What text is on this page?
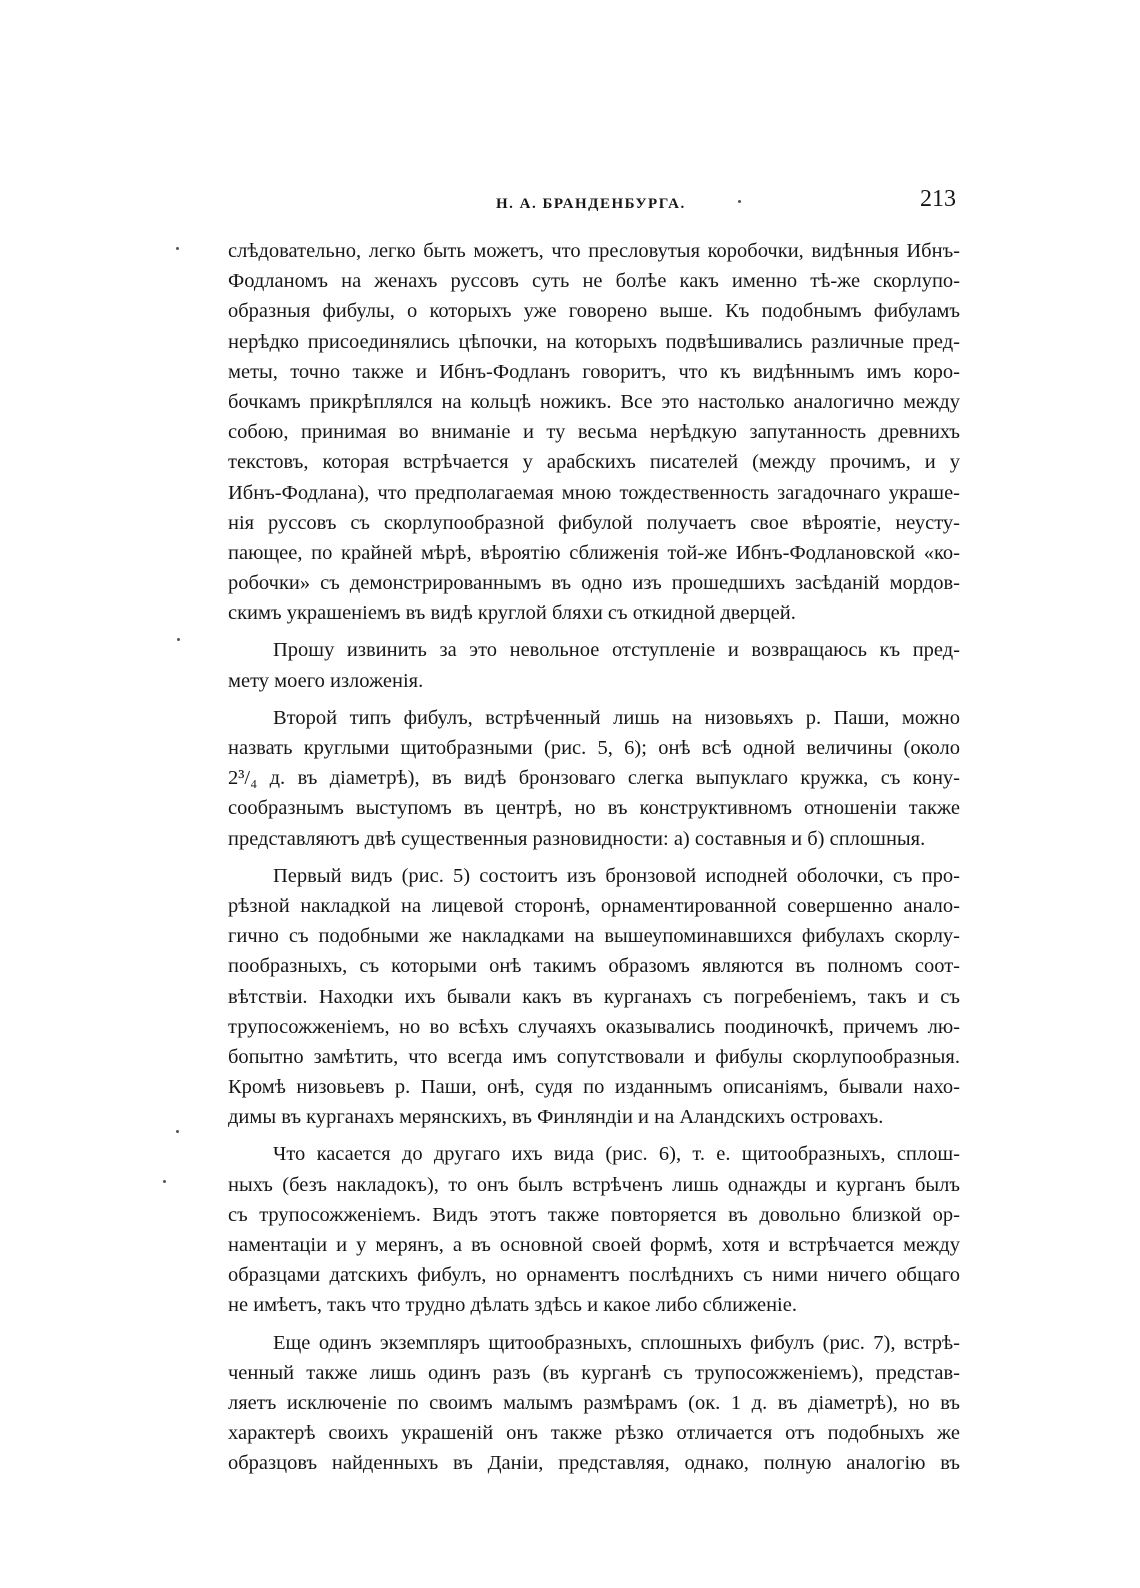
Н. А. БРАНДЕНБУРГА.	213
слѣдовательно, легко быть можетъ, что пресловутыя коробочки, видѣнныя Ибнъ-
Фодланомъ на женахъ руссовъ суть не болѣе какъ именно тѣ-же скорлупо-
образныя фибулы, о которыхъ уже говорено выше. Къ подобнымъ фибуламъ
нерѣдко присоединялись цѣпочки, на которыхъ подвѣшивались различные пред-
меты, точно также и Ибнъ-Фодланъ говоритъ, что къ видѣннымъ имъ коро-
бочкамъ прикрѣплялся на кольцѣ ножикъ. Все это настолько аналогично между
собою, принимая во вниманіе и ту весьма нерѣдкую запутанность древнихъ
текстовъ, которая встрѣчается у арабскихъ писателей (между прочимъ, и у
Ибнъ-Фодлана), что предполагаемая мною тождественность загадочнаго украше-
нія руссовъ съ скорлупообразной фибулой получаетъ свое вѣроятіе, неусту-
пающее, по крайней мѣрѣ, вѣроятію сближенія той-же Ибнъ-Фодлановской «ко-
робочки» съ демонстрированнымъ въ одно изъ прошедшихъ засѣданій мордов-
скимъ украшеніемъ въ видѣ круглой бляхи съ откидной дверцей.
Прошу извинить за это невольное отступленіе и возвращаюсь къ пред-
мету моего изложенія.
Второй типъ фибулъ, встрѣченный лишь на низовьяхъ р. Паши, можно
назвать круглыми щитобразными (рис. 5, 6); онѣ всѣ одной величины (около
2³/₄ д. въ діаметрѣ), въ видѣ бронзоваго слегка выпуклаго кружка, съ кону-
сообразнымъ выступомъ въ центрѣ, но въ конструктивномъ отношеніи также
представляютъ двѣ существенныя разновидности: а) составныя и б) сплошныя.
Первый видъ (рис. 5) состоитъ изъ бронзовой исподней оболочки, съ про-
рѣзной накладкой на лицевой сторонѣ, орнаментированной совершенно анало-
гично съ подобными же накладками на вышеупоминавшихся фибулахъ скорлу-
пообразныхъ, съ которыми онѣ такимъ образомъ являются въ полномъ соот-
вѣтствіи. Находки ихъ бывали какъ въ курганахъ съ погребеніемъ, такъ и съ
трупосожженіемъ, но во всѣхъ случаяхъ оказывались поодиночкѣ, причемъ лю-
бопытно замѣтить, что всегда имъ сопутствовали и фибулы скорлупообразныя.
Кромѣ низовьевъ р. Паши, онѣ, судя по изданнымъ описаніямъ, бывали нахо-
димы въ курганахъ мерянскихъ, въ Финляндіи и на Аландскихъ островахъ.
Что касается до другаго ихъ вида (рис. 6), т. е. щитообразныхъ, сплош-
ныхъ (безъ накладокъ), то онъ былъ встрѣченъ лишь однажды и курганъ былъ
съ трупосожженіемъ. Видъ этотъ также повторяется въ довольно близкой ор-
наментаціи и у мерянъ, а въ основной своей формѣ, хотя и встрѣчается между
образцами датскихъ фибулъ, но орнаментъ послѣднихъ съ ними ничего общаго
не имѣетъ, такъ что трудно дѣлать здѣсь и какое либо сближеніе.
Еще одинъ экземпляръ щитообразныхъ, сплошныхъ фибулъ (рис. 7), встрѣ-
ченный также лишь одинъ разъ (въ курганѣ съ трупосожженіемъ), представ-
ляетъ исключеніе по своимъ малымъ размѣрамъ (ок. 1 д. въ діаметрѣ), но въ
характерѣ своихъ украшеній онъ также рѣзко отличается отъ подобныхъ же
образцовъ найденныхъ въ Даніи, представляя, однако, полную аналогію въ
